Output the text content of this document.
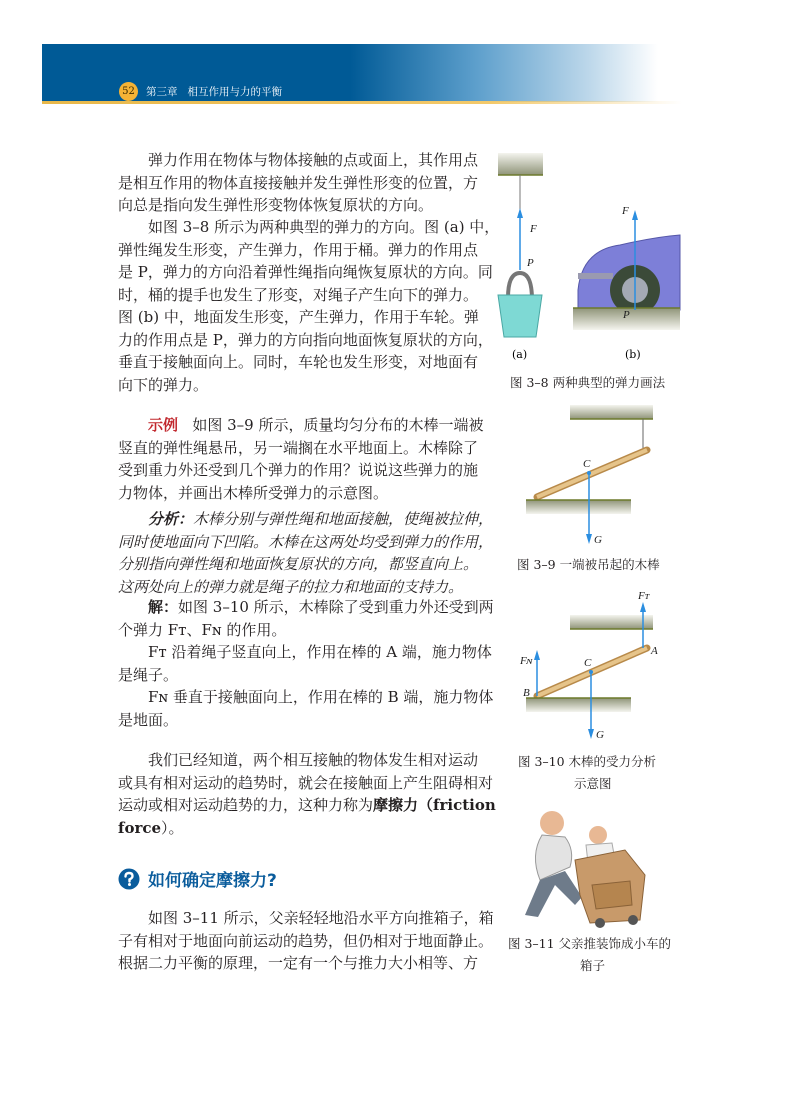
52 第三章   相互作用与力的平衡
弹力作用在物体与物体接触的点或面上，其作用点
是相互作用的物体直接接触并发生弹性形变的位置，方
向总是指向发生弹性形变物体恢复原状的方向。
如图 3–8 所示为两种典型的弹力的方向。图 (a) 中，
弹性绳发生形变，产生弹力，作用于桶。弹力的作用点
是 P，弹力的方向沿着弹性绳指向绳恢复原状的方向。同
时，桶的提手也发生了形变，对绳子产生向下的弹力。
图 (b) 中，地面发生形变，产生弹力，作用于车轮。弹
力的作用点是 P，弹力的方向指向地面恢复原状的方向，
垂直于接触面向上。同时，车轮也发生形变，对地面有
向下的弹力。
示例 如图 3–9 所示，质量均匀分布的木棒一端被
竖直的弹性绳悬吊，另一端搁在水平地面上。木棒除了
受到重力外还受到几个弹力的作用？说说这些弹力的施
力物体，并画出木棒所受弹力的示意图。
分析：木棒分别与弹性绳和地面接触，使绳被拉伸，
同时使地面向下凹陷。木棒在这两处均受到弹力的作用，
分别指向弹性绳和地面恢复原状的方向，都竖直向上。
这两处向上的弹力就是绳子的拉力和地面的支持力。
解：如图 3–10 所示，木棒除了受到重力外还受到两
个弹力 Fᴛ、Fɴ 的作用。
Fᴛ 沿着绳子竖直向上，作用在棒的 A 端，施力物体
是绳子。
Fɴ 垂直于接触面向上，作用在棒的 B 端，施力物体
是地面。
我们已经知道，两个相互接触的物体发生相对运动
或具有相对运动的趋势时，就会在接触面上产生阻碍相对
运动或相对运动趋势的力，这种力称为摩擦力（friction
force）。
如何确定摩擦力?
如图 3–11 所示，父亲轻轻地沿水平方向推箱子，箱
子有相对于地面向前运动的趋势，但仍相对于地面静止。
根据二力平衡的原理，一定有一个与推力大小相等、方
F
P
F
P
(a)	(b)
图 3–8 两种典型的弹力画法
C
G
图 3–9 一端被吊起的木棒
Fᴛ
Fɴ
A
B
C
G
图 3–10 木棒的受力分析
示意图
图 3–11 父亲推装饰成小车的
箱子
